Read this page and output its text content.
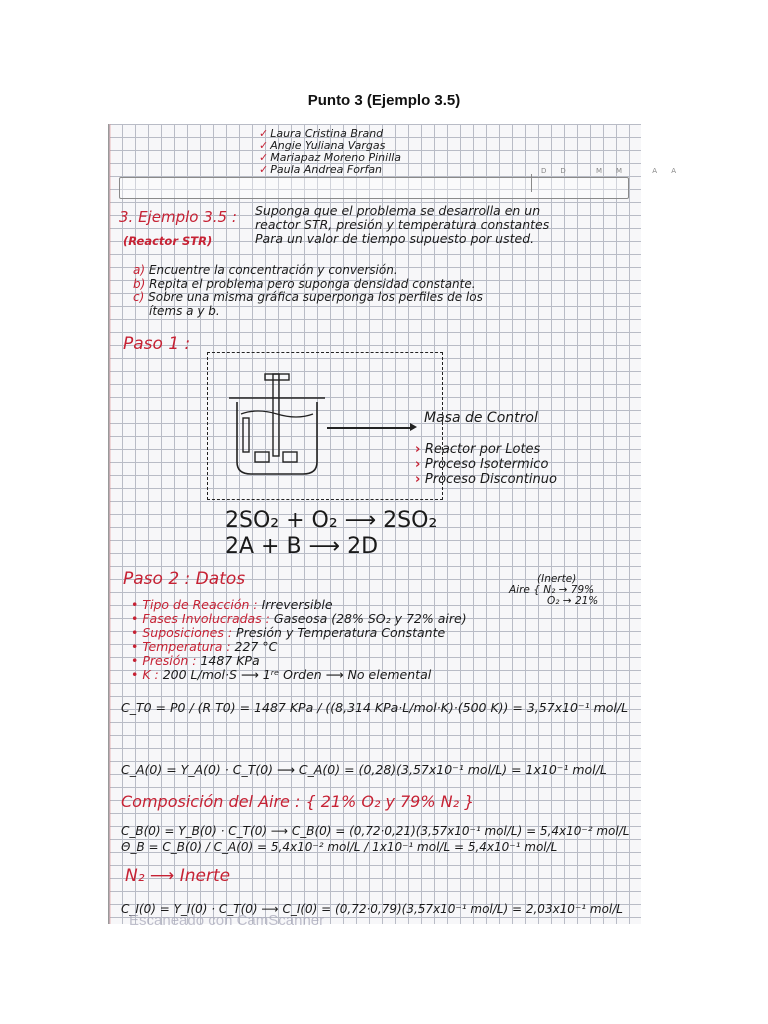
Punto 3 (Ejemplo 3.5)
✓ Laura Cristina Brand
✓ Angie Yuliana Vargas
✓ Mariapaz Moreno Pinilla
✓ Paula Andrea Forfan	DD MM AA
3. Ejemplo 3.5 : Suponga que el problema se desarrolla en un
reactor STR, presión y temperatura constantes
Para un valor de tiempo supuesto por usted.
(Reactor STR)
a) Encuentre la concentración y conversión.
b) Repita el problema pero suponga densidad constante.
c) Sobre una misma gráfica superponga los perfiles de los
ítems a y b.
Paso 1 :
Masa de Control
› Reactor por Lotes
› Proceso Isotermico
› Proceso Discontinuo
2SO₂ + O₂ ⟶ 2SO₂
2A + B ⟶ 2D
Paso 2 : Datos	(Inerte)
Aire { N₂ → 79%
O₂ → 21%
• Tipo de Reacción : Irreversible
• Fases Involucradas : Gaseosa (28% SO₂ y 72% aire)
• Suposiciones : Presión y Temperatura Constante
• Temperatura : 227 °C
• Presión : 1487 KPa
• K : 200 L/mol·S ⟶ 1ʳᵉ Orden ⟶ No elemental
C_T0 = P0 / (R T0) = 1487 KPa / ((8,314 KPa·L/mol·K)·(500 K)) = 3,57x10⁻¹ mol/L
C_A(0) = Y_A(0) · C_T(0) ⟶ C_A(0) = (0,28)(3,57x10⁻¹ mol/L) = 1x10⁻¹ mol/L
Composición del Aire : { 21% O₂ y 79% N₂ }
C_B(0) = Y_B(0) · C_T(0) ⟶ C_B(0) = (0,72·0,21)(3,57x10⁻¹ mol/L) = 5,4x10⁻² mol/L
Θ_B = C_B(0) / C_A(0) = 5,4x10⁻² mol/L / 1x10⁻¹ mol/L = 5,4x10⁻¹ mol/L
N₂ ⟶ Inerte
C_I(0) = Y_I(0) · C_T(0) ⟶ C_I(0) = (0,72·0,79)(3,57x10⁻¹ mol/L) = 2,03x10⁻¹ mol/L
Escaneado con CamScanner
